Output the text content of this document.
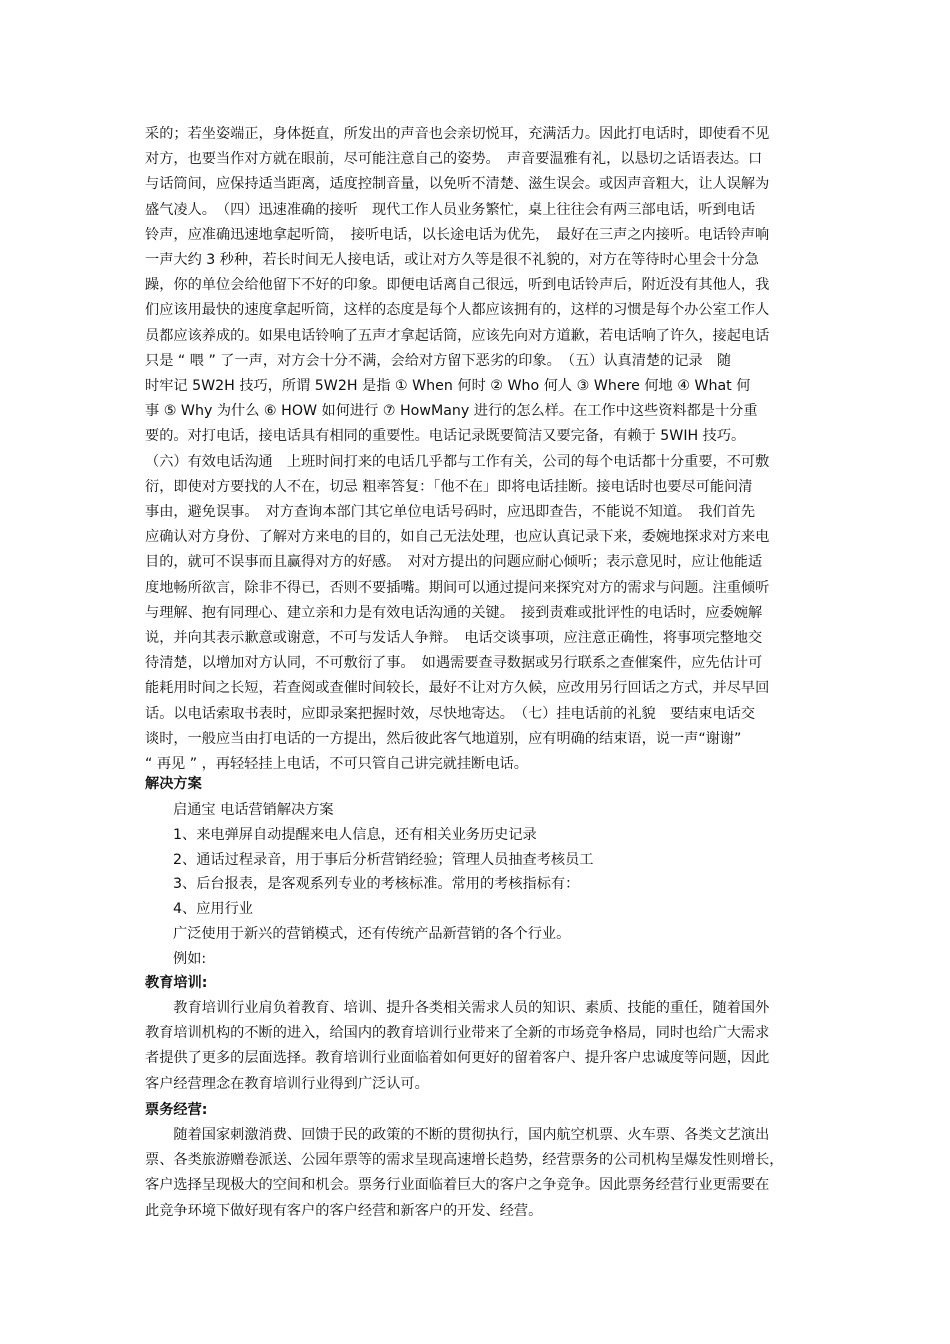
采的；若坐姿端正，身体挺直，所发出的声音也会亲切悦耳，充满活力。因此打电话时，即使看不见
对方，也要当作对方就在眼前，尽可能注意自己的姿势。　声音要温雅有礼，以恳切之话语表达。口
与话筒间，应保持适当距离，适度控制音量，以免听不清楚、滋生误会。或因声音粗大，让人误解为
盛气凌人。　（四）迅速准确的接听　现代工作人员业务繁忙，桌上往往会有两三部电话，听到电话
铃声，应准确迅速地拿起听筒，　接听电话，以长途电话为优先，　最好在三声之内接听。电话铃声响
一声大约 3 秒种，若长时间无人接电话，或让对方久等是很不礼貌的，对方在等待时心里会十分急
躁，你的单位会给他留下不好的印象。即便电话离自己很远，听到电话铃声后，附近没有其他人，我
们应该用最快的速度拿起听筒，这样的态度是每个人都应该拥有的，这样的习惯是每个办公室工作人
员都应该养成的。如果电话铃响了五声才拿起话筒，应该先向对方道歉，若电话响了许久，接起电话
只是 “ 喂 ” 了一声，对方会十分不满，会给对方留下恶劣的印象。　（五）认真清楚的记录　随
时牢记 5W2H 技巧，所谓 5W2H 是指 ① When 何时 ② Who 何人 ③ Where 何地 ④ What 何
事 ⑤ Why 为什么 ⑥ HOW 如何进行 ⑦ HowMany 进行的怎么样。在工作中这些资料都是十分重
要的。对打电话，接电话具有相同的重要性。电话记录既要简洁又要完备，有赖于 5WIH 技巧。
（六）有效电话沟通　上班时间打来的电话几乎都与工作有关，公司的每个电话都十分重要，不可敷
衍，即使对方要找的人不在，切忌 粗率答复：「他不在」即将电话挂断。接电话时也要尽可能问清
事由，避免误事。　对方查询本部门其它单位电话号码时，应迅即查告，不能说不知道。　我们首先
应确认对方身份、了解对方来电的目的，如自己无法处理，也应认真记录下来，委婉地探求对方来电
目的，就可不误事而且赢得对方的好感。　对对方提出的问题应耐心倾听；表示意见时，应让他能适
度地畅所欲言，除非不得已，否则不要插嘴。期间可以通过提问来探究对方的需求与问题。注重倾听
与理解、抱有同理心、建立亲和力是有效电话沟通的关键。　接到责难或批评性的电话时，应委婉解
说，并向其表示歉意或谢意，不可与发话人争辩。　电话交谈事项，应注意正确性，将事项完整地交
待清楚，以增加对方认同，不可敷衍了事。　如遇需要查寻数据或另行联系之查催案件，应先估计可
能耗用时间之长短，若查阅或查催时间较长，最好不让对方久候，应改用另行回话之方式，并尽早回
话。以电话索取书表时，应即录案把握时效，尽快地寄达。　（七）挂电话前的礼貌　要结束电话交
谈时，一般应当由打电话的一方提出，然后彼此客气地道别，应有明确的结束语，说一声“谢谢”
“ 再见 ” ，再轻轻挂上电话，不可只管自己讲完就挂断电话。
解决方案
启通宝 电话营销解决方案
1、来电弹屏自动提醒来电人信息，还有相关业务历史记录
2、通话过程录音，用于事后分析营销经验；管理人员抽查考核员工
3、后台报表，是客观系列专业的考核标准。常用的考核指标有：
4、应用行业
广泛使用于新兴的营销模式，还有传统产品新营销的各个行业。
例如:
教育培训:
　　教育培训行业肩负着教育、培训、提升各类相关需求人员的知识、素质、技能的重任，随着国外
教育培训机构的不断的进入，给国内的教育培训行业带来了全新的市场竞争格局，同时也给广大需求
者提供了更多的层面选择。教育培训行业面临着如何更好的留着客户、提升客户忠诚度等问题，因此
客户经营理念在教育培训行业得到广泛认可。
票务经营:
　　随着国家刺激消费、回馈于民的政策的不断的贯彻执行，国内航空机票、火车票、各类文艺演出
票、各类旅游赠卷派送、公园年票等的需求呈现高速增长趋势，经营票务的公司机构呈爆发性则增长，
客户选择呈现极大的空间和机会。票务行业面临着巨大的客户之争竞争。因此票务经营行业更需要在
此竞争环境下做好现有客户的客户经营和新客户的开发、经营。
